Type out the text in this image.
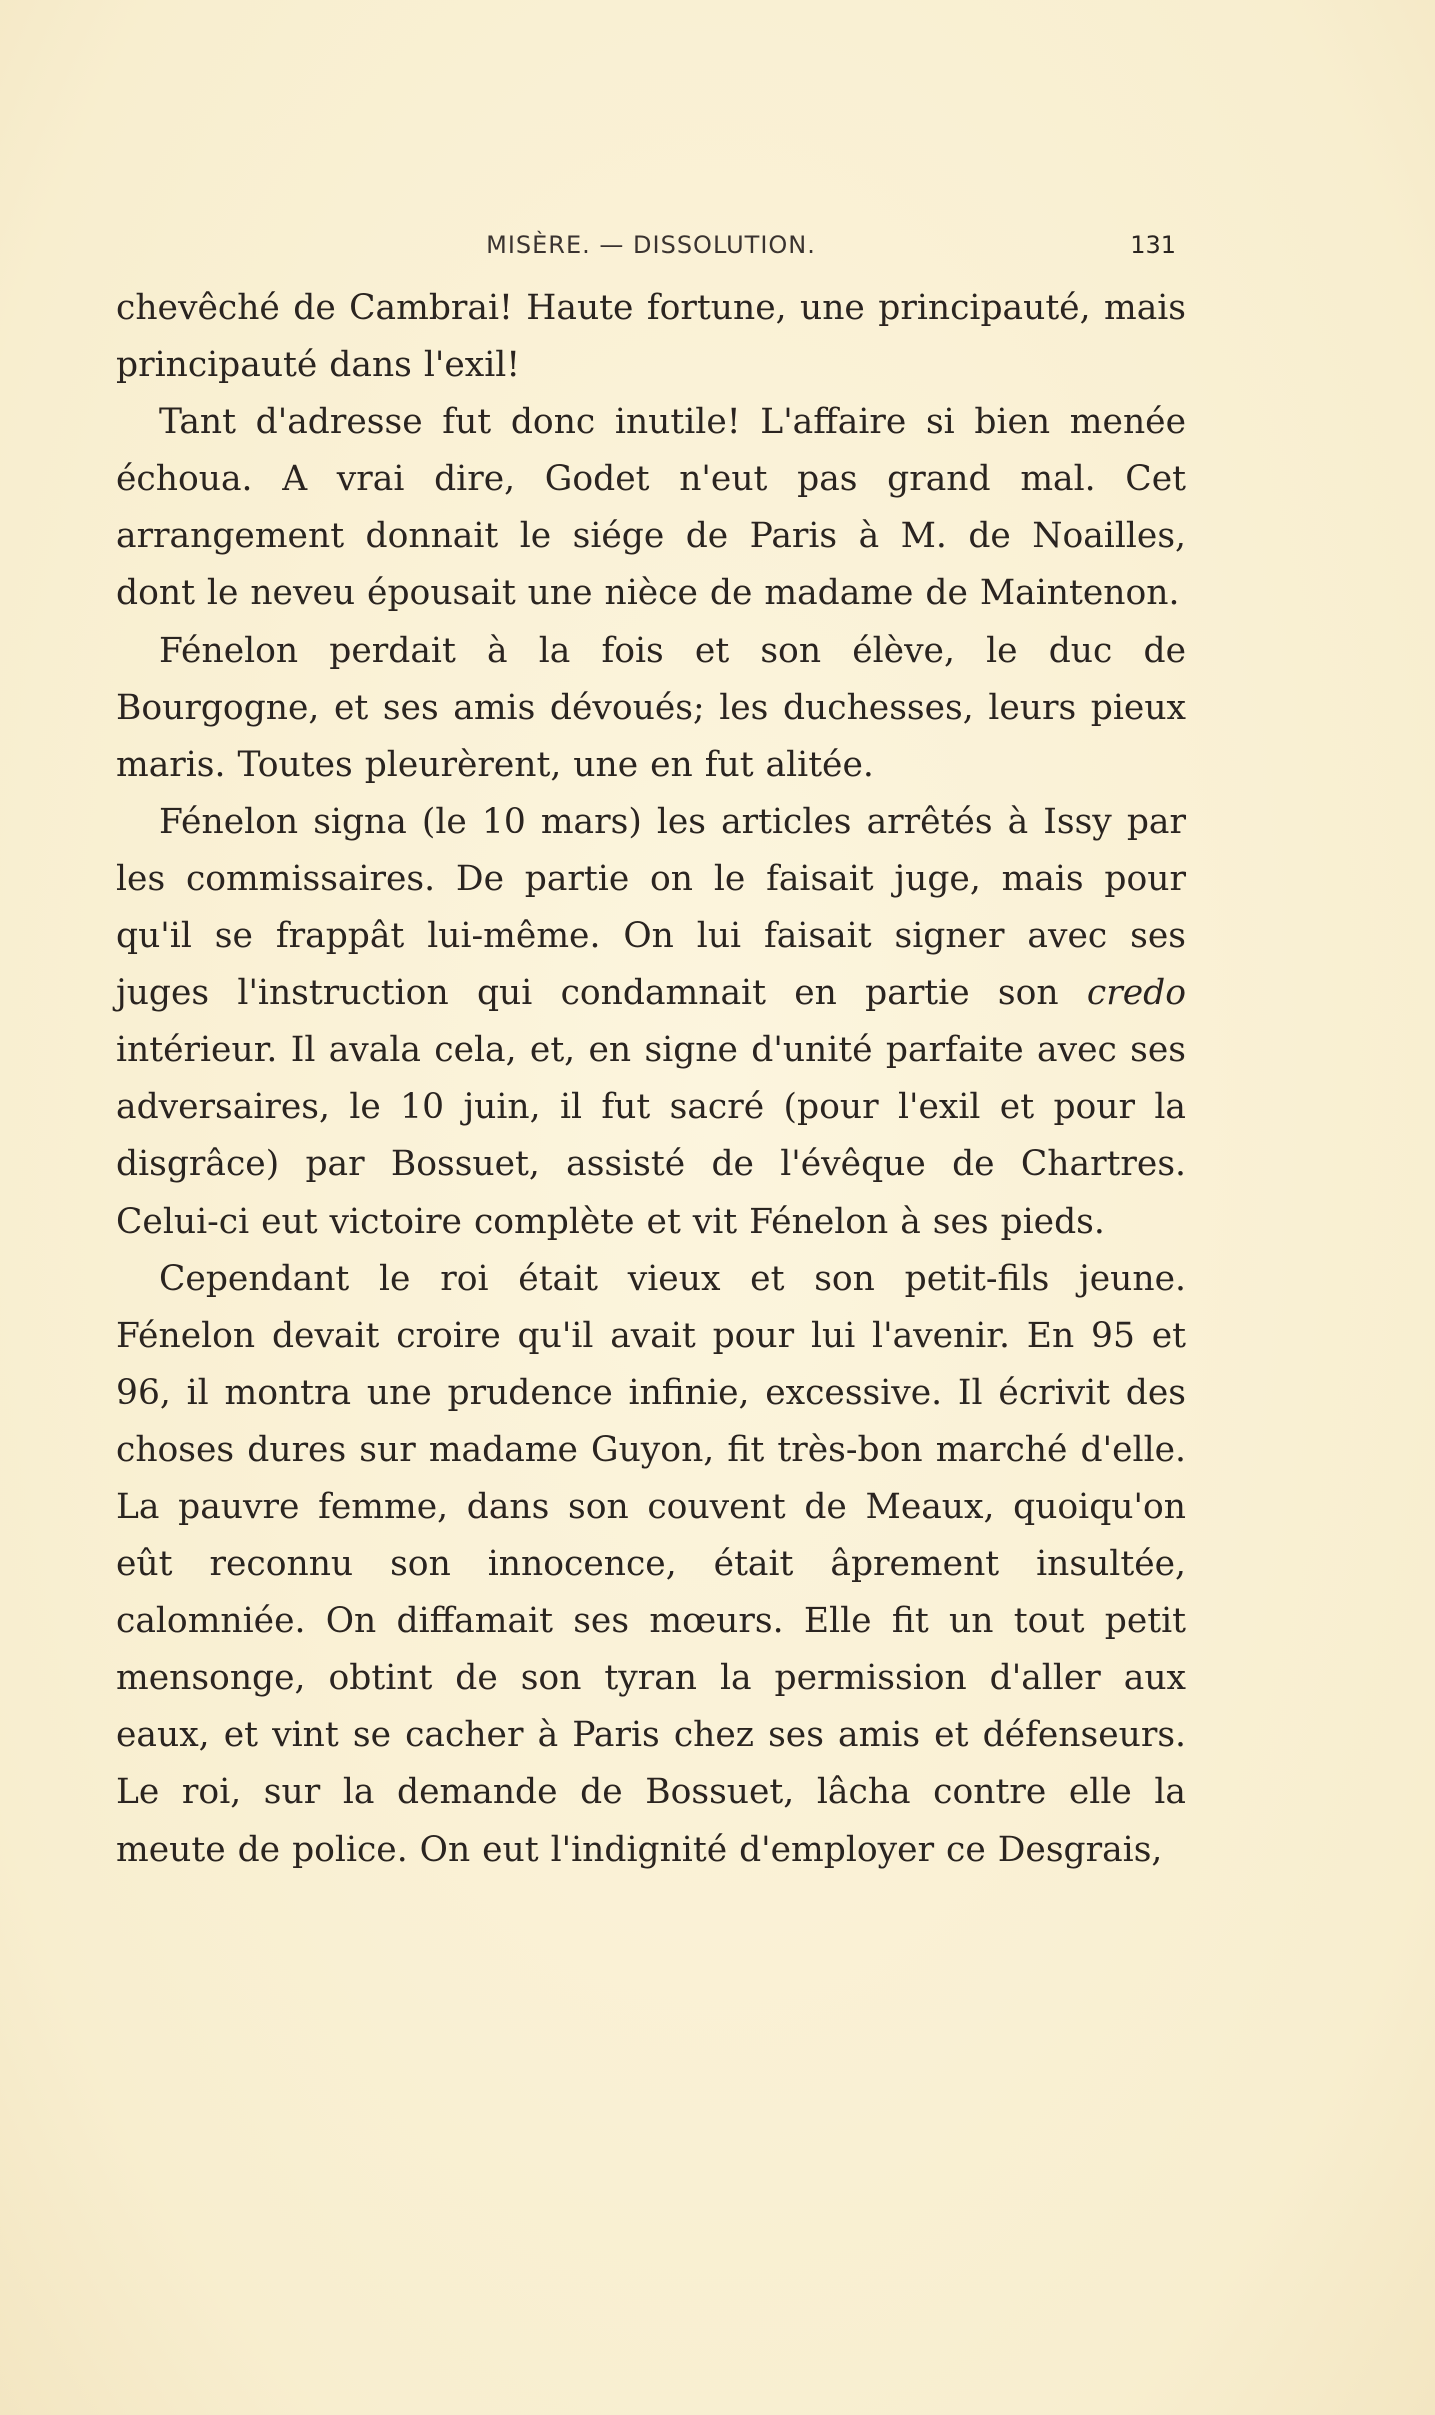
MISÈRE. — DISSOLUTION.	131

chevêché de Cambrai! Haute fortune, une principauté, mais principauté dans l'exil!

Tant d'adresse fut donc inutile! L'affaire si bien menée échoua. A vrai dire, Godet n'eut pas grand mal. Cet arrangement donnait le siége de Paris à M. de Noailles, dont le neveu épousait une nièce de madame de Maintenon.

Fénelon perdait à la fois et son élève, le duc de Bourgogne, et ses amis dévoués; les duchesses, leurs pieux maris. Toutes pleurèrent, une en fut alitée.

Fénelon signa (le 10 mars) les articles arrêtés à Issy par les commissaires. De partie on le faisait juge, mais pour qu'il se frappât lui-même. On lui faisait signer avec ses juges l'instruction qui condamnait en partie son credo intérieur. Il avala cela, et, en signe d'unité parfaite avec ses adversaires, le 10 juin, il fut sacré (pour l'exil et pour la disgrâce) par Bossuet, assisté de l'évêque de Chartres. Celui-ci eut victoire complète et vit Fénelon à ses pieds.

Cependant le roi était vieux et son petit-fils jeune. Fénelon devait croire qu'il avait pour lui l'avenir. En 95 et 96, il montra une prudence infinie, excessive. Il écrivit des choses dures sur madame Guyon, fit très-bon marché d'elle. La pauvre femme, dans son couvent de Meaux, quoiqu'on eût reconnu son innocence, était âprement insultée, calomniée. On diffamait ses mœurs. Elle fit un tout petit mensonge, obtint de son tyran la permission d'aller aux eaux, et vint se cacher à Paris chez ses amis et défenseurs. Le roi, sur la demande de Bossuet, lâcha contre elle la meute de police. On eut l'indignité d'employer ce Desgrais,
